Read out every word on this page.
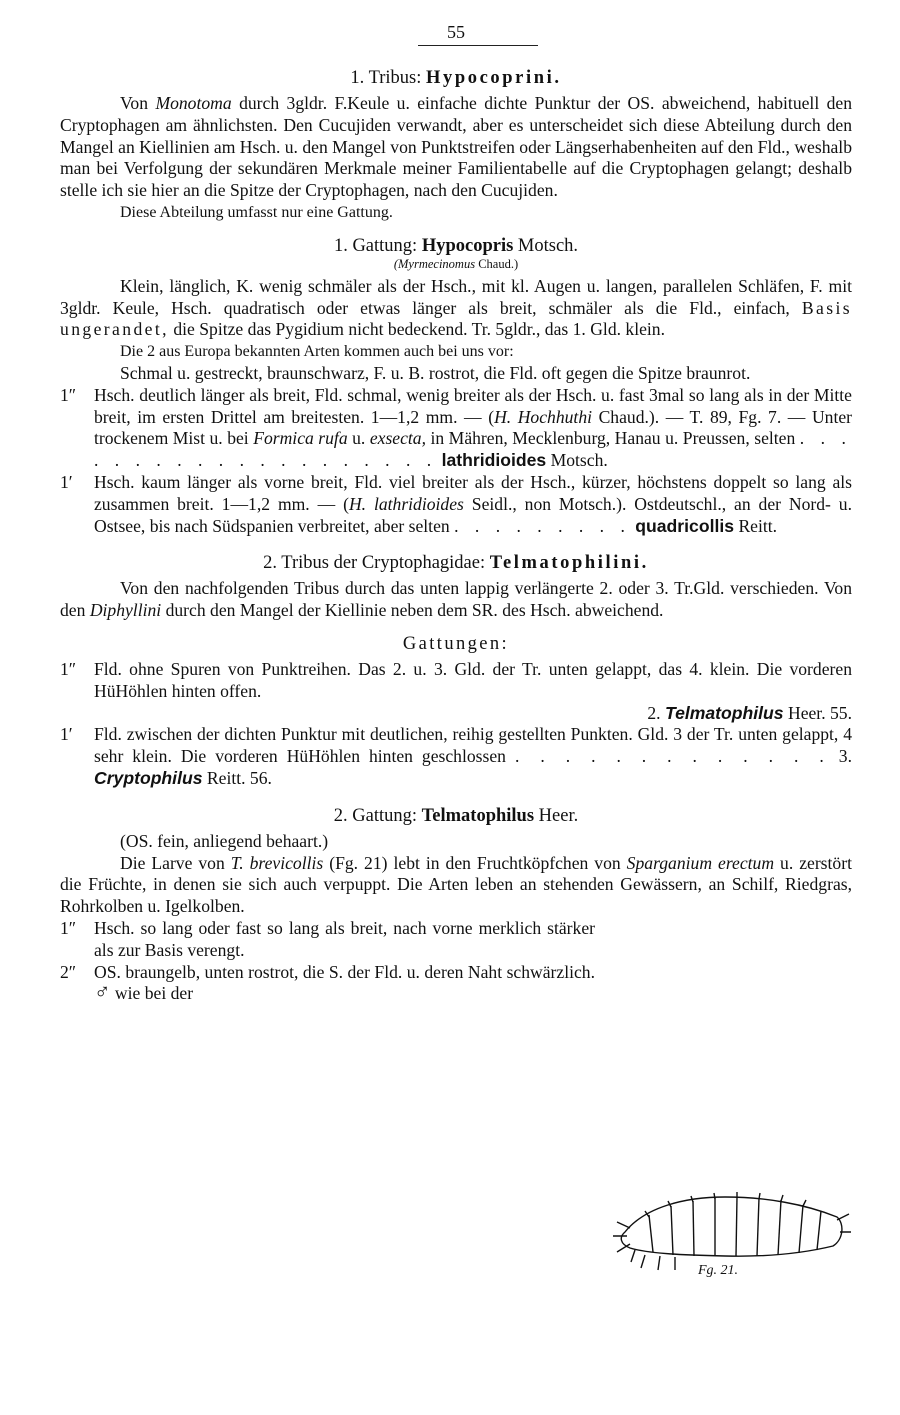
55

1. Tribus: Hypocoprini.

Von Monotoma durch 3gldr. F.Keule u. einfache dichte Punktur der OS. abweichend, habituell den Cryptophagen am ähnlichsten. Den Cucujiden verwandt, aber es unterscheidet sich diese Abteilung durch den Mangel an Kiellinien am Hsch. u. den Mangel von Punktstreifen oder Längserhabenheiten auf den Fld., weshalb man bei Verfolgung der sekundären Merkmale meiner Familientabelle auf die Cryptophagen gelangt; deshalb stelle ich sie hier an die Spitze der Cryptophagen, nach den Cucujiden.

Diese Abteilung umfasst nur eine Gattung.

1. Gattung: Hypocopris Motsch.

(Myrmecinomus Chaud.)

Klein, länglich, K. wenig schmäler als der Hsch., mit kl. Augen u. langen, parallelen Schläfen, F. mit 3gldr. Keule, Hsch. quadratisch oder etwas länger als breit, schmäler als die Fld., einfach, Basis ungerandet, die Spitze das Pygidium nicht bedeckend. Tr. 5gldr., das 1. Gld. klein.

Die 2 aus Europa bekannten Arten kommen auch bei uns vor:

Schmal u. gestreckt, braunschwarz, F. u. B. rostrot, die Fld. oft gegen die Spitze braunrot.

1″ Hsch. deutlich länger als breit, Fld. schmal, wenig breiter als der Hsch. u. fast 3mal so lang als in der Mitte breit, im ersten Drittel am breitesten. 1—1,2 mm. — (H. Hochhuthi Chaud.). — T. 89, Fg. 7. — Unter trockenem Mist u. bei Formica rufa u. exsecta, in Mähren, Mecklenburg, Hanau u. Preussen, selten . . . . . . . . . . . . . . . . . . . . lathridioides Motsch.
1′ Hsch. kaum länger als vorne breit, Fld. viel breiter als der Hsch., kürzer, höchstens doppelt so lang als zusammen breit. 1—1,2 mm. — (H. lathridioides Seidl., non Motsch.). Ostdeutschl., an der Nord- u. Ostsee, bis nach Südspanien verbreitet, aber selten . . . . . . . . . quadricollis Reitt.

2. Tribus der Cryptophagidae: Telmatophilini.

Von den nachfolgenden Tribus durch das unten lappig verlängerte 2. oder 3. Tr.Gld. verschieden. Von den Diphyllini durch den Mangel der Kiellinie neben dem SR. des Hsch. abweichend.

Gattungen:

1″ Fld. ohne Spuren von Punktreihen. Das 2. u. 3. Gld. der Tr. unten gelappt, das 4. klein. Die vorderen HüHöhlen hinten offen.
2. Telmatophilus Heer. 55.
1′ Fld. zwischen der dichten Punktur mit deutlichen, reihig gestellten Punkten. Gld. 3 der Tr. unten gelappt, 4 sehr klein. Die vorderen HüHöhlen hinten geschlossen . . . . . . . . . . . . . 3. Cryptophilus Reitt. 56.

2. Gattung: Telmatophilus Heer.

(OS. fein, anliegend behaart.)

Die Larve von T. brevicollis (Fg. 21) lebt in den Fruchtköpfchen von Sparganium erectum u. zerstört die Früchte, in denen sie sich auch verpuppt. Die Arten leben an stehenden Gewässern, an Schilf, Riedgras, Rohrkolben u. Igelkolben.

1″ Hsch. so lang oder fast so lang als breit, nach vorne merklich stärker als zur Basis verengt.
2″ OS. braungelb, unten rostrot, die S. der Fld. u. deren Naht schwärzlich. ♂ wie bei der
Fg. 21.
